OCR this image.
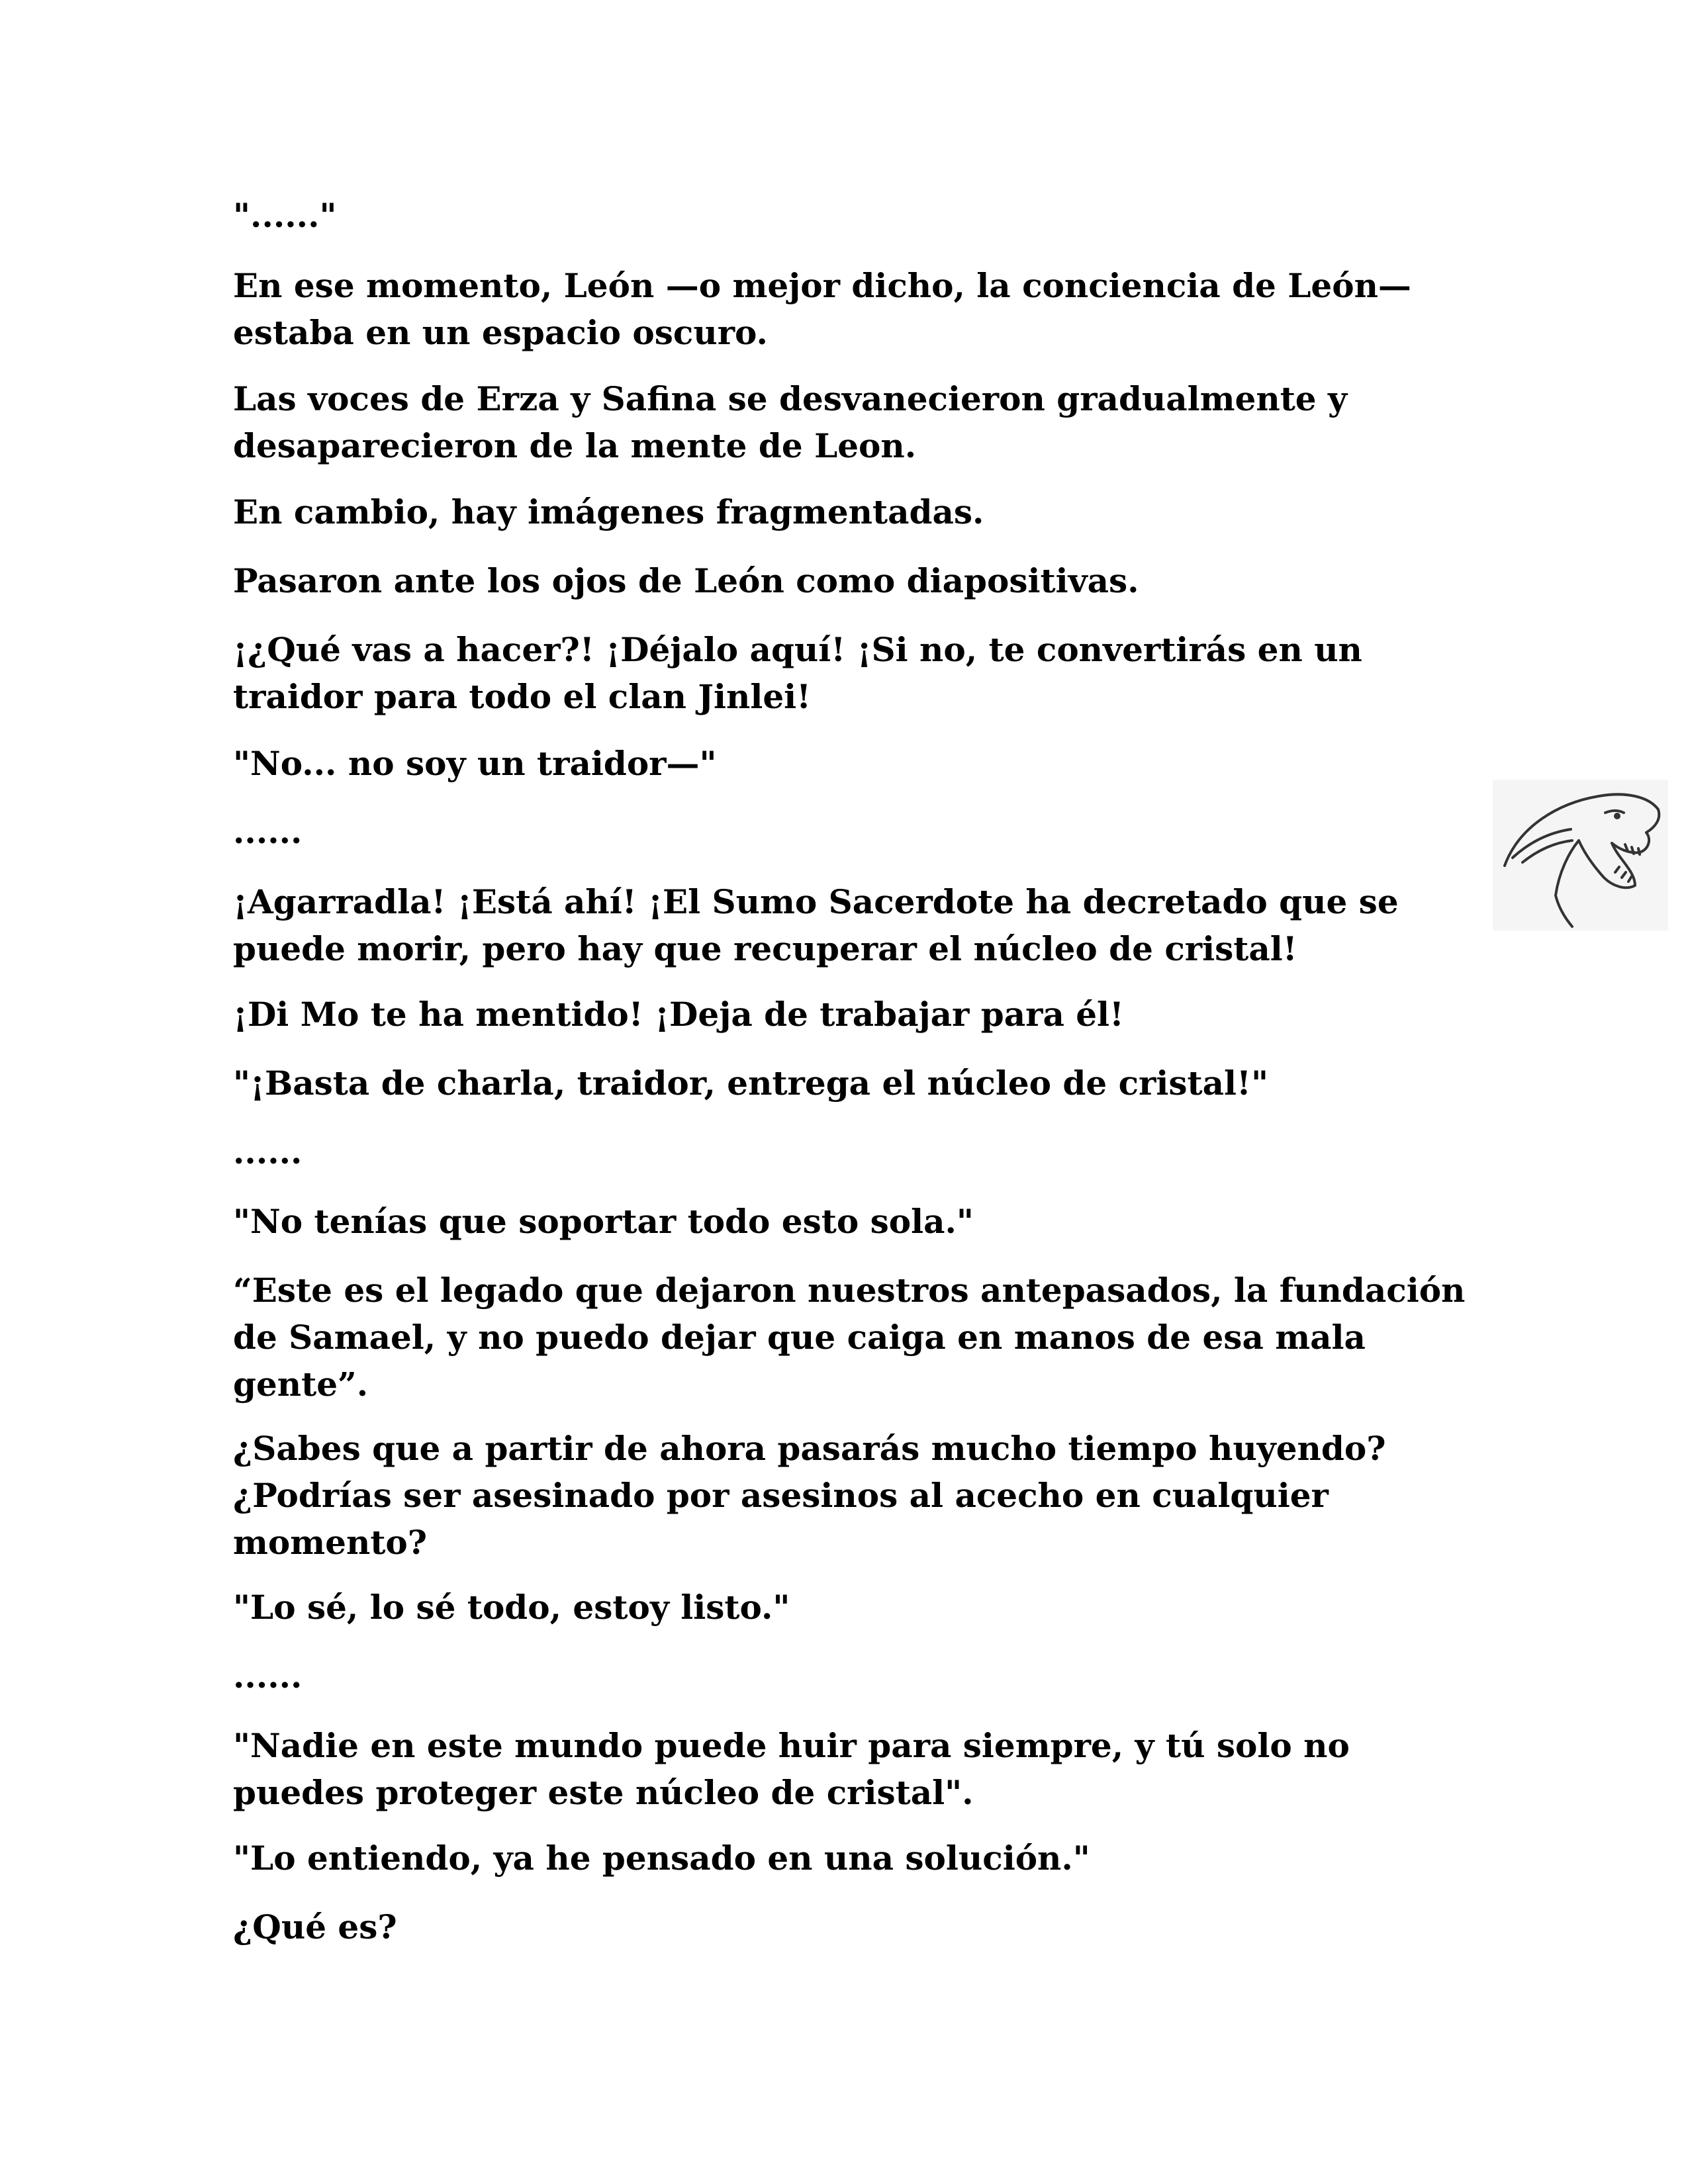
"......"

En ese momento, León —o mejor dicho, la conciencia de León— estaba en un espacio oscuro.

Las voces de Erza y Safina se desvanecieron gradualmente y desaparecieron de la mente de Leon.

En cambio, hay imágenes fragmentadas.

Pasaron ante los ojos de León como diapositivas.

¡¿Qué vas a hacer?! ¡Déjalo aquí! ¡Si no, te convertirás en un traidor para todo el clan Jinlei!

"No... no soy un traidor—"

......

¡Agarradla! ¡Está ahí! ¡El Sumo Sacerdote ha decretado que se puede morir, pero hay que recuperar el núcleo de cristal!

¡Di Mo te ha mentido! ¡Deja de trabajar para él!

"¡Basta de charla, traidor, entrega el núcleo de cristal!"

......

"No tenías que soportar todo esto sola."

“Este es el legado que dejaron nuestros antepasados, la fundación de Samael, y no puedo dejar que caiga en manos de esa mala gente”.

¿Sabes que a partir de ahora pasarás mucho tiempo huyendo? ¿Podrías ser asesinado por asesinos al acecho en cualquier momento?

"Lo sé, lo sé todo, estoy listo."

......

"Nadie en este mundo puede huir para siempre, y tú solo no puedes proteger este núcleo de cristal".

"Lo entiendo, ya he pensado en una solución."

¿Qué es?
